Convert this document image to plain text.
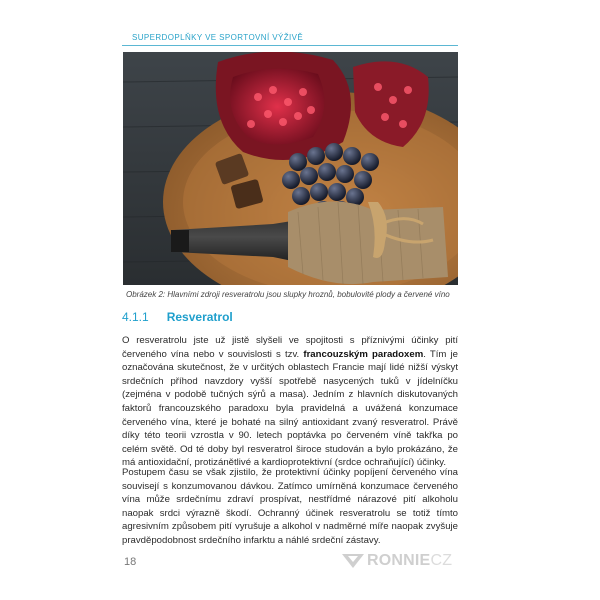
SUPERDOPLŇKY VE SPORTOVNÍ VÝŽIVĚ
Obrázek 2: Hlavními zdroji resveratrolu jsou slupky hroznů, bobulovité plody a červené víno
4.1.1 Resveratrol
O resveratrolu jste už jistě slyšeli ve spojitosti s příznivými účinky pití červeného vína nebo v souvislosti s tzv. francouzským paradoxem. Tím je označována skutečnost, že v určitých oblastech Francie mají lidé nižší výskyt srdečních příhod navzdory vyšší spotřebě nasycených tuků v jídelníčku (zejména v podobě tučných sýrů a masa). Jedním z hlavních diskutovaných faktorů francouzského paradoxu byla pravidelná a uvážená konzumace červeného vína, které je bohaté na silný antioxidant zvaný resveratrol. Právě díky této teorii vzrostla v 90. letech poptávka po červeném víně takřka po celém světě. Od té doby byl resveratrol široce studován a bylo prokázáno, že má antioxidační, protizánětlivé a kardioprotektivní (srdce ochraňující) účinky.
Postupem času se však zjistilo, že protektivní účinky popíjení červeného vína souvisejí s konzumovanou dávkou. Zatímco umírněná konzumace červeného vína může srdečnímu zdraví prospívat, nestřídmé nárazové pití alkoholu naopak srdci výrazně škodí. Ochranný účinek resveratrolu se totiž tímto agresivním způsobem pití vyrušuje a alkohol v nadměrné míře naopak zvyšuje pravděpodobnost srdečního infarktu a náhlé srdeční zástavy.
18	RONNIECZ
